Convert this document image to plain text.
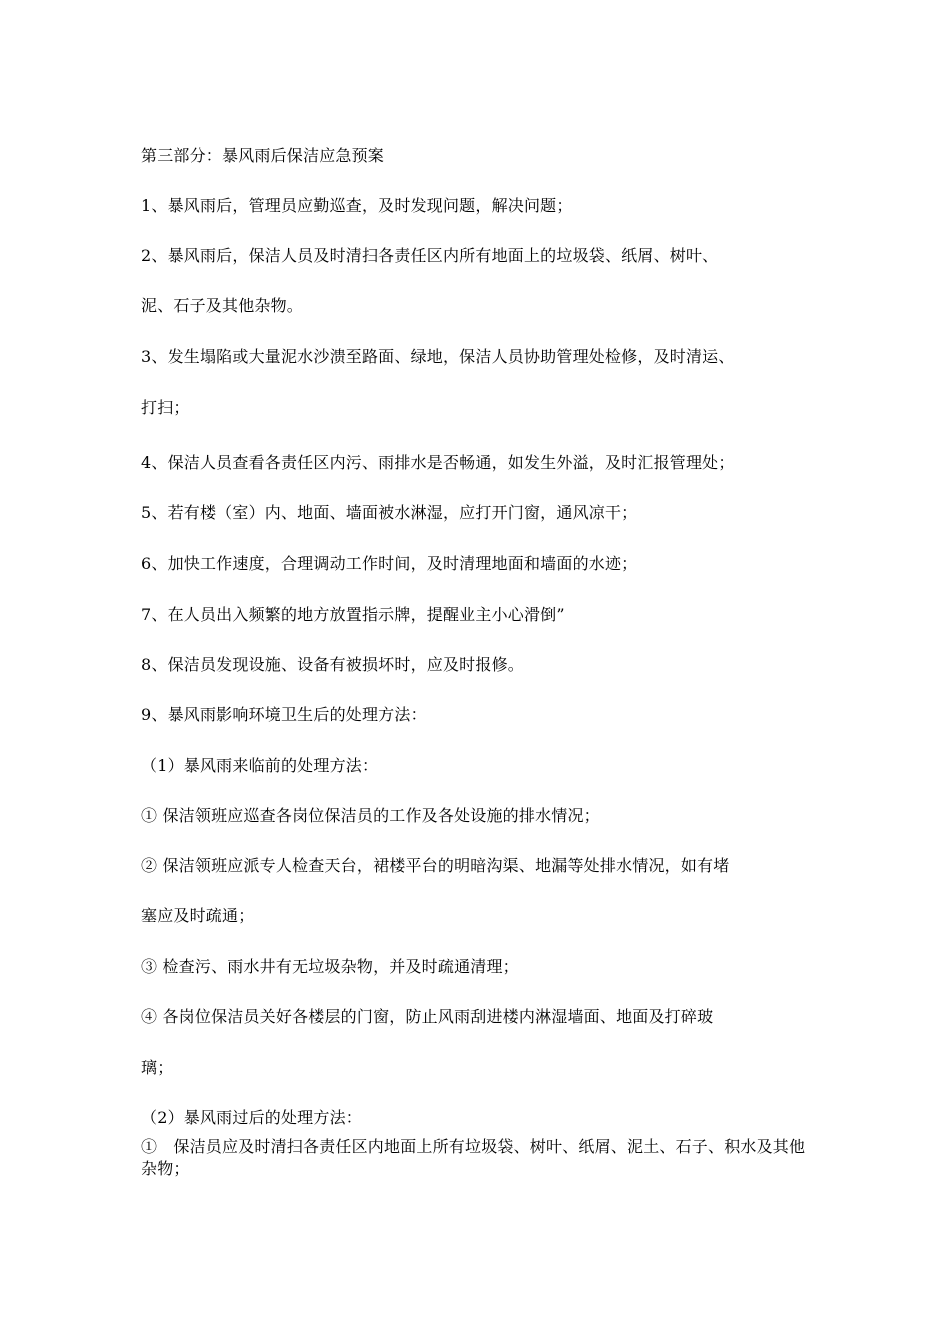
第三部分：暴风雨后保洁应急预案
1、暴风雨后，管理员应勤巡查，及时发现问题，解决问题；
2、暴风雨后，保洁人员及时清扫各责任区内所有地面上的垃圾袋、纸屑、树叶、
泥、石子及其他杂物。
3、发生塌陷或大量泥水沙溃至路面、绿地，保洁人员协助管理处检修，及时清运、
打扫；
4、保洁人员查看各责任区内污、雨排水是否畅通，如发生外溢，及时汇报管理处；
5、若有楼（室）内、地面、墙面被水淋湿，应打开门窗，通风凉干；
6、加快工作速度，合理调动工作时间，及时清理地面和墙面的水迹；
7、在人员出入频繁的地方放置指示牌，提醒业主小心滑倒”
8、保洁员发现设施、设备有被损坏时，应及时报修。
9、暴风雨影响环境卫生后的处理方法：
（1）暴风雨来临前的处理方法：
① 保洁领班应巡查各岗位保洁员的工作及各处设施的排水情况；
② 保洁领班应派专人检查天台，裙楼平台的明暗沟渠、地漏等处排水情况，如有堵
塞应及时疏通；
③ 检查污、雨水井有无垃圾杂物，并及时疏通清理；
④ 各岗位保洁员关好各楼层的门窗，防止风雨刮进楼内淋湿墙面、地面及打碎玻
璃；
（2）暴风雨过后的处理方法：
①　保洁员应及时清扫各责任区内地面上所有垃圾袋、树叶、纸屑、泥土、石子、积水及其他杂物；
